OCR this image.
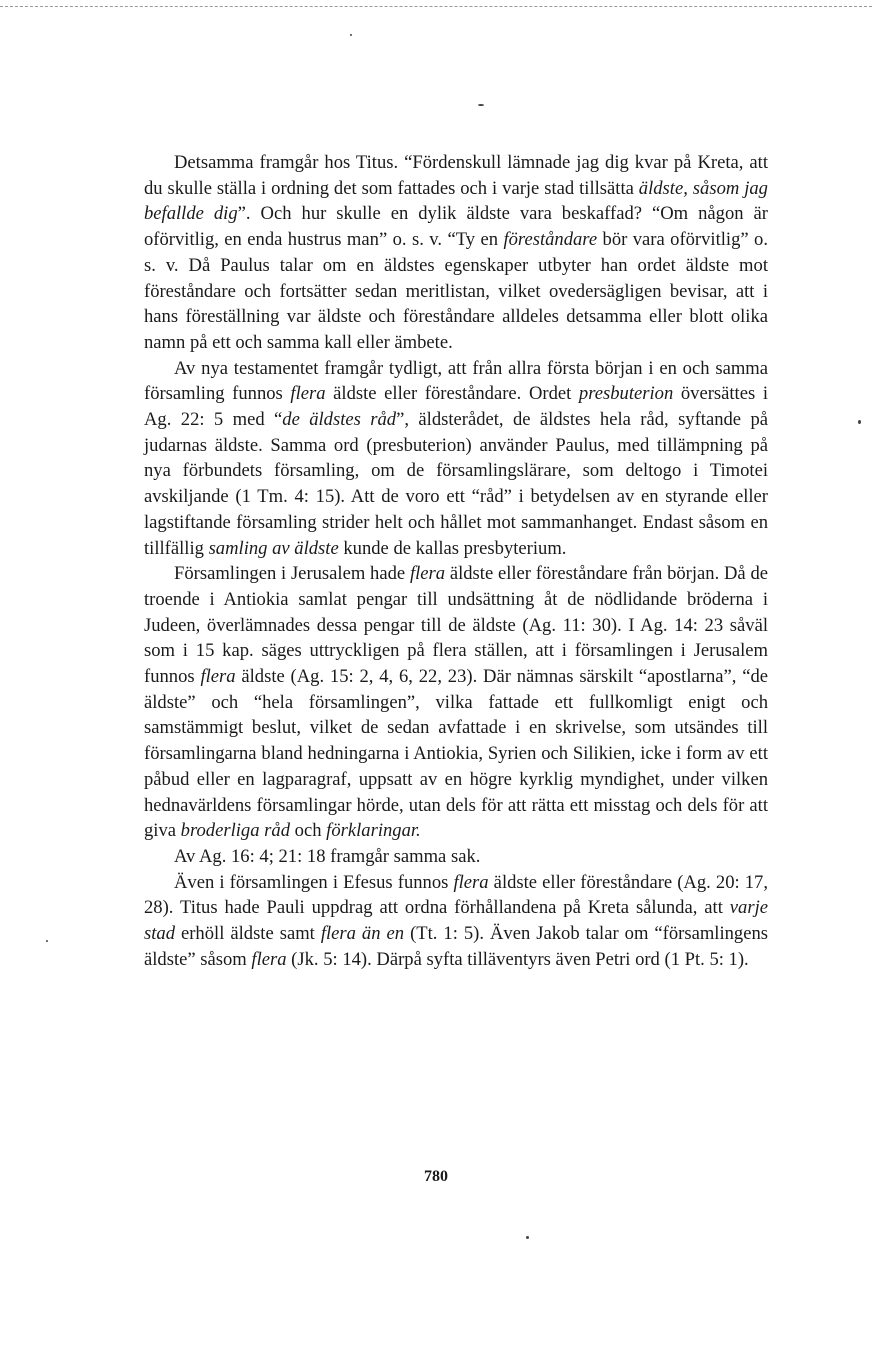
Detsamma framgår hos Titus. “Fördenskull lämnade jag dig kvar på Kreta, att du skulle ställa i ordning det som fattades och i varje stad tillsätta äldste, såsom jag befallde dig”. Och hur skulle en dylik äldste vara beskaffad? “Om någon är oförvitlig, en enda hustrus man” o. s. v. “Ty en föreståndare bör vara oförvitlig” o. s. v. Då Paulus talar om en äldstes egenskaper utbyter han ordet äldste mot föreståndare och fortsätter sedan meritlistan, vilket ovedersägligen bevisar, att i hans föreställning var äldste och föreståndare alldeles detsamma eller blott olika namn på ett och samma kall eller ämbete.

Av nya testamentet framgår tydligt, att från allra första början i en och samma församling funnos flera äldste eller föreståndare. Ordet presbuterion översättes i Ag. 22: 5 med “de äldstes råd”, äldsterådet, de äldstes hela råd, syftande på judarnas äldste. Samma ord (presbuterion) använder Paulus, med tillämpning på nya förbundets församling, om de församlingslärare, som deltogo i Timotei avskiljande (1 Tm. 4: 15). Att de voro ett “råd” i betydelsen av en styrande eller lagstiftande församling strider helt och hållet mot sammanhanget. Endast såsom en tillfällig samling av äldste kunde de kallas presbyterium.

Församlingen i Jerusalem hade flera äldste eller föreståndare från början. Då de troende i Antiokia samlat pengar till undsättning åt de nödlidande bröderna i Judeen, överlämnades dessa pengar till de äldste (Ag. 11: 30). I Ag. 14: 23 såväl som i 15 kap. säges uttryckligen på flera ställen, att i församlingen i Jerusalem funnos flera äldste (Ag. 15: 2, 4, 6, 22, 23). Där nämnas särskilt “apostlarna”, “de äldste” och “hela församlingen”, vilka fattade ett fullkomligt enigt och samstämmigt beslut, vilket de sedan avfattade i en skrivelse, som utsändes till församlingarna bland hedningarna i Antiokia, Syrien och Silikien, icke i form av ett påbud eller en lagparagraf, uppsatt av en högre kyrklig myndighet, under vilken hednavärldens församlingar hörde, utan dels för att rätta ett misstag och dels för att giva broderliga råd och förklaringar.

Av Ag. 16: 4; 21: 18 framgår samma sak.

Även i församlingen i Efesus funnos flera äldste eller föreståndare (Ag. 20: 17, 28). Titus hade Pauli uppdrag att ordna förhållandena på Kreta sålunda, att varje stad erhöll äldste samt flera än en (Tt. 1: 5). Även Jakob talar om “församlingens äldste” såsom flera (Jk. 5: 14). Därpå syfta tilläventyrs även Petri ord (1 Pt. 5: 1).

780
